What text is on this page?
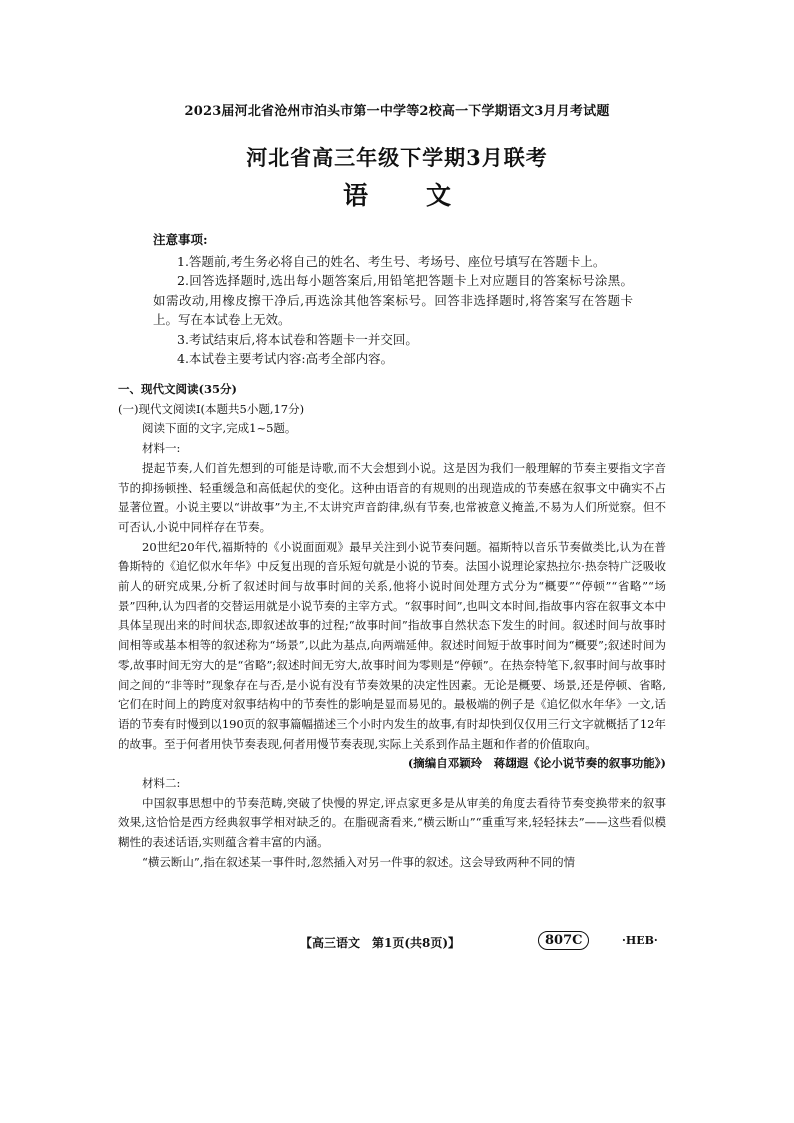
2023届河北省沧州市泊头市第一中学等2校高一下学期语文3月月考试题
河北省高三年级下学期3月联考
语文
注意事项:
1.答题前,考生务必将自己的姓名、考生号、考场号、座位号填写在答题卡上。
2.回答选择题时,选出每小题答案后,用铅笔把答题卡上对应题目的答案标号涂黑。如需改动,用橡皮擦干净后,再选涂其他答案标号。回答非选择题时,将答案写在答题卡上。写在本试卷上无效。
3.考试结束后,将本试卷和答题卡一并交回。
4.本试卷主要考试内容:高考全部内容。
一、现代文阅读(35分)
(一)现代文阅读Ⅰ(本题共5小题,17分)
阅读下面的文字,完成1~5题。
材料一:
提起节奏,人们首先想到的可能是诗歌,而不大会想到小说。这是因为我们一般理解的节奏主要指文字音节的抑扬顿挫、轻重缓急和高低起伏的变化。这种由语音的有规则的出现造成的节奏感在叙事文中确实不占显著位置。小说主要以“讲故事”为主,不太讲究声音韵律,纵有节奏,也常被意义掩盖,不易为人们所觉察。但不可否认,小说中同样存在节奏。
20世纪20年代,福斯特的《小说面面观》最早关注到小说节奏问题。福斯特以音乐节奏做类比,认为在普鲁斯特的《追忆似水年华》中反复出现的音乐短句就是小说的节奏。法国小说理论家热拉尔·热奈特广泛吸收前人的研究成果,分析了叙述时间与故事时间的关系,他将小说时间处理方式分为“概要”“停顿”“省略”“场景”四种,认为四者的交替运用就是小说节奏的主宰方式。“叙事时间”,也叫文本时间,指故事内容在叙事文本中具体呈现出来的时间状态,即叙述故事的过程;“故事时间”指故事自然状态下发生的时间。叙述时间与故事时间相等或基本相等的叙述称为“场景”,以此为基点,向两端延伸。叙述时间短于故事时间为“概要”;叙述时间为零,故事时间无穷大的是“省略”;叙述时间无穷大,故事时间为零则是“停顿”。在热奈特笔下,叙事时间与故事时间之间的“非等时”现象存在与否,是小说有没有节奏效果的决定性因素。无论是概要、场景,还是停顿、省略,它们在时间上的跨度对叙事结构中的节奏性的影响是显而易见的。最极端的例子是《追忆似水年华》一文,话语的节奏有时慢到以190页的叙事篇幅描述三个小时内发生的故事,有时却快到仅仅用三行文字就概括了12年的故事。至于何者用快节奏表现,何者用慢节奏表现,实际上关系到作品主题和作者的价值取向。
(摘编自邓颖玲　蒋翃遐《论小说节奏的叙事功能》)
材料二:
中国叙事思想中的节奏范畴,突破了快慢的界定,评点家更多是从审美的角度去看待节奏变换带来的叙事效果,这恰恰是西方经典叙事学相对缺乏的。在脂砚斋看来,“横云断山”“重重写来,轻轻抹去”——这些看似模糊性的表述话语,实则蕴含着丰富的内涵。
“横云断山”,指在叙述某一事件时,忽然插入对另一件事的叙述。这会导致两种不同的情
【高三语文　第1页(共8页)】	807C	·HEB·
